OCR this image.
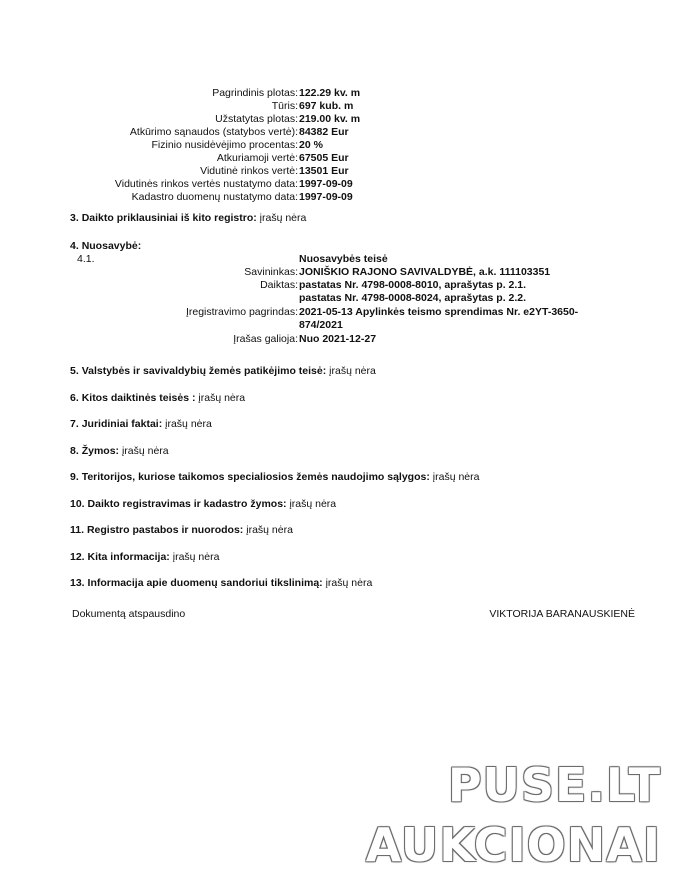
Pagrindinis plotas: 122.29 kv. m
Tūris: 697 kub. m
Užstatytas plotas: 219.00 kv. m
Atkūrimo sąnaudos (statybos vertė): 84382 Eur
Fizinio nusidėvėjimo procentas: 20 %
Atkuriamoji vertė: 67505 Eur
Vidutinė rinkos vertė: 13501 Eur
Vidutinės rinkos vertės nustatymo data: 1997-09-09
Kadastro duomenų nustatymo data: 1997-09-09
3. Daikto priklausiniai iš kito registro: įrašų nėra
4. Nuosavybė:
4.1.	Nuosavybės teisė
Savininkas: JONIŠKIO RAJONO SAVIVALDYBĖ, a.k. 111103351
Daiktas: pastatas Nr. 4798-0008-8010, aprašytas p. 2.1.
pastatas Nr. 4798-0008-8024, aprašytas p. 2.2.
Įregistravimo pagrindas: 2021-05-13 Apylinkės teismo sprendimas Nr. e2YT-3650-
874/2021
Įrašas galioja: Nuo 2021-12-27
5. Valstybės ir savivaldybių žemės patikėjimo teisė: įrašų nėra
6. Kitos daiktinės teisės : įrašų nėra
7. Juridiniai faktai: įrašų nėra
8. Žymos: įrašų nėra
9. Teritorijos, kuriose taikomos specialiosios žemės naudojimo sąlygos: įrašų nėra
10. Daikto registravimas ir kadastro žymos: įrašų nėra
11. Registro pastabos ir nuorodos: įrašų nėra
12. Kita informacija: įrašų nėra
13. Informacija apie duomenų sandoriui tikslinimą: įrašų nėra
Dokumentą atspausdino	VIKTORIJA BARANAUSKIENĖ
PUSE.LT
AUKCIONAI
